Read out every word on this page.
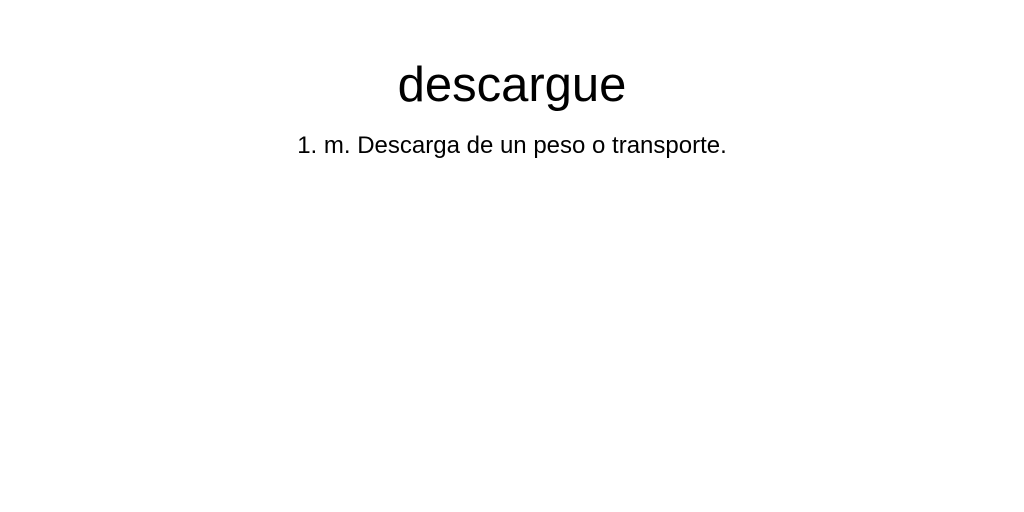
descargue

1. m. Descarga de un peso o transporte.
